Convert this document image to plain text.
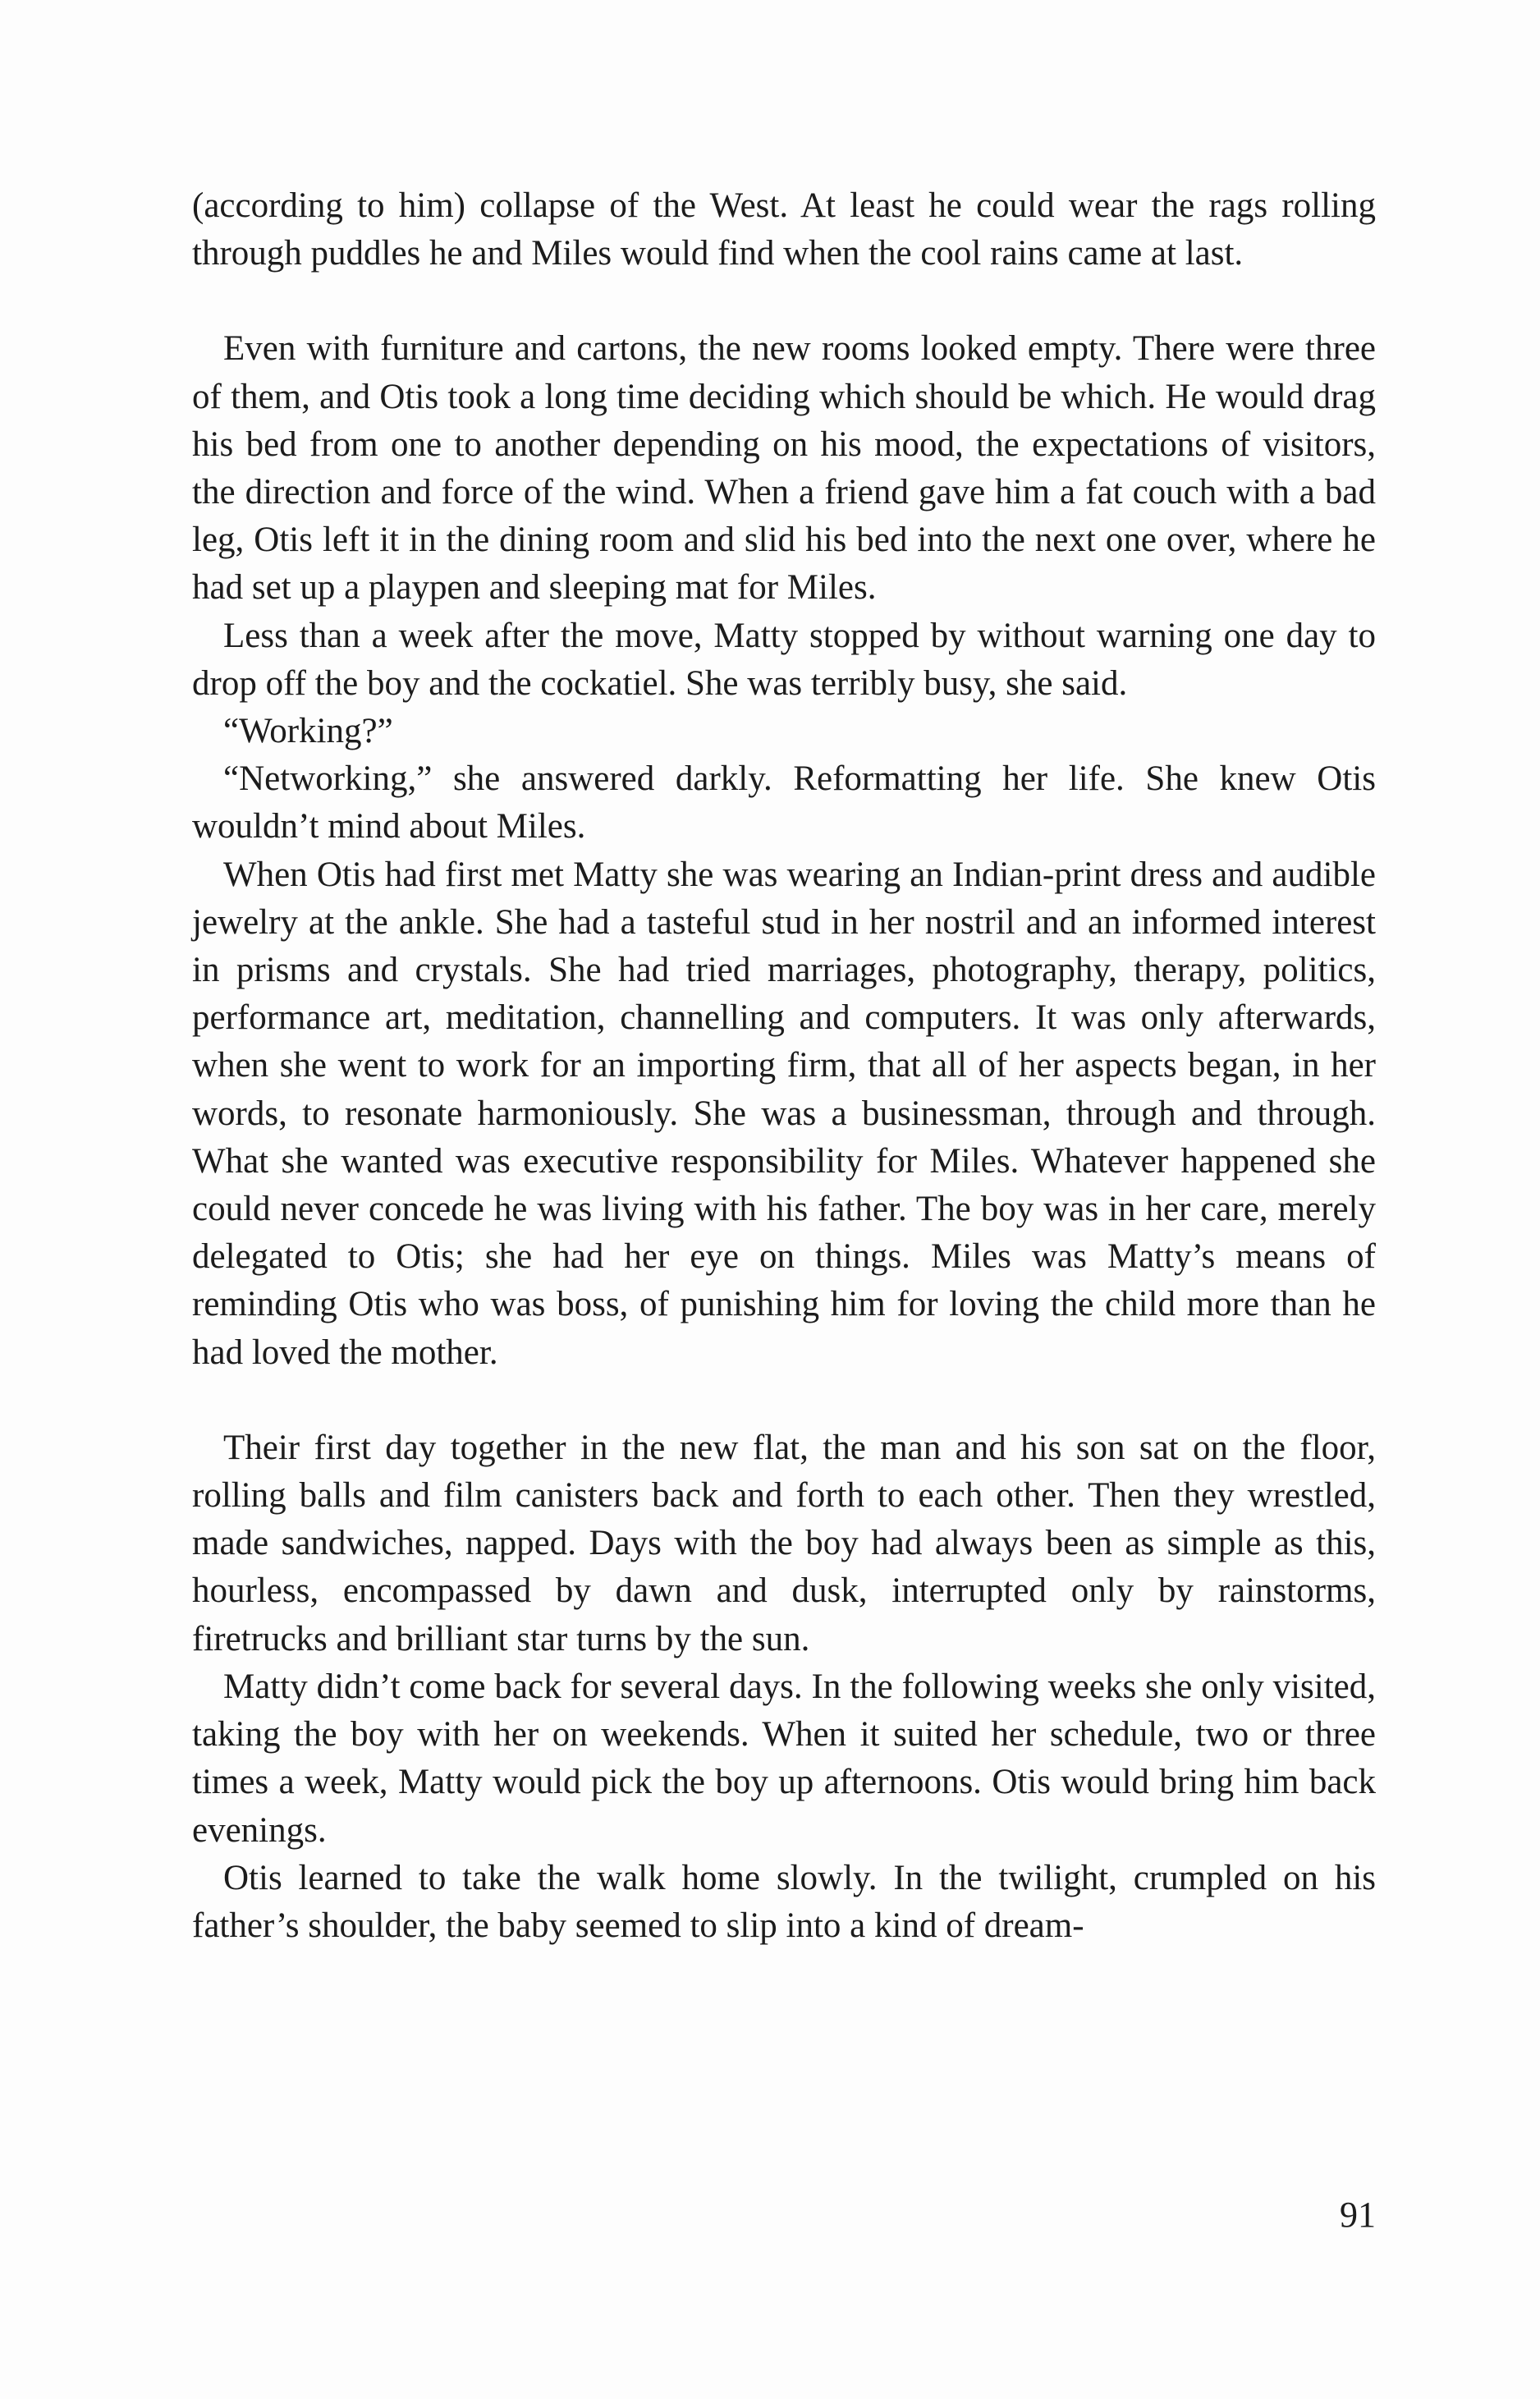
(according to him) collapse of the West. At least he could wear the rags rolling through puddles he and Miles would find when the cool rains came at last.

Even with furniture and cartons, the new rooms looked empty. There were three of them, and Otis took a long time deciding which should be which. He would drag his bed from one to another depending on his mood, the expectations of visitors, the direction and force of the wind. When a friend gave him a fat couch with a bad leg, Otis left it in the dining room and slid his bed into the next one over, where he had set up a playpen and sleeping mat for Miles.

Less than a week after the move, Matty stopped by without warning one day to drop off the boy and the cockatiel. She was terribly busy, she said.

“Working?”

“Networking,” she answered darkly. Reformatting her life. She knew Otis wouldn’t mind about Miles.

When Otis had first met Matty she was wearing an Indian-print dress and audible jewelry at the ankle. She had a tasteful stud in her nostril and an informed interest in prisms and crystals. She had tried marriages, photography, therapy, politics, performance art, meditation, channelling and computers. It was only afterwards, when she went to work for an importing firm, that all of her aspects began, in her words, to resonate harmoniously. She was a businessman, through and through. What she wanted was executive responsibility for Miles. Whatever happened she could never concede he was living with his father. The boy was in her care, merely delegated to Otis; she had her eye on things. Miles was Matty’s means of reminding Otis who was boss, of punishing him for loving the child more than he had loved the mother.

Their first day together in the new flat, the man and his son sat on the floor, rolling balls and film canisters back and forth to each other. Then they wrestled, made sandwiches, napped. Days with the boy had always been as simple as this, hourless, encompassed by dawn and dusk, interrupted only by rainstorms, firetrucks and brilliant star turns by the sun.

Matty didn’t come back for several days. In the following weeks she only visited, taking the boy with her on weekends. When it suited her schedule, two or three times a week, Matty would pick the boy up afternoons. Otis would bring him back evenings.

Otis learned to take the walk home slowly. In the twilight, crumpled on his father’s shoulder, the baby seemed to slip into a kind of dream-

91
